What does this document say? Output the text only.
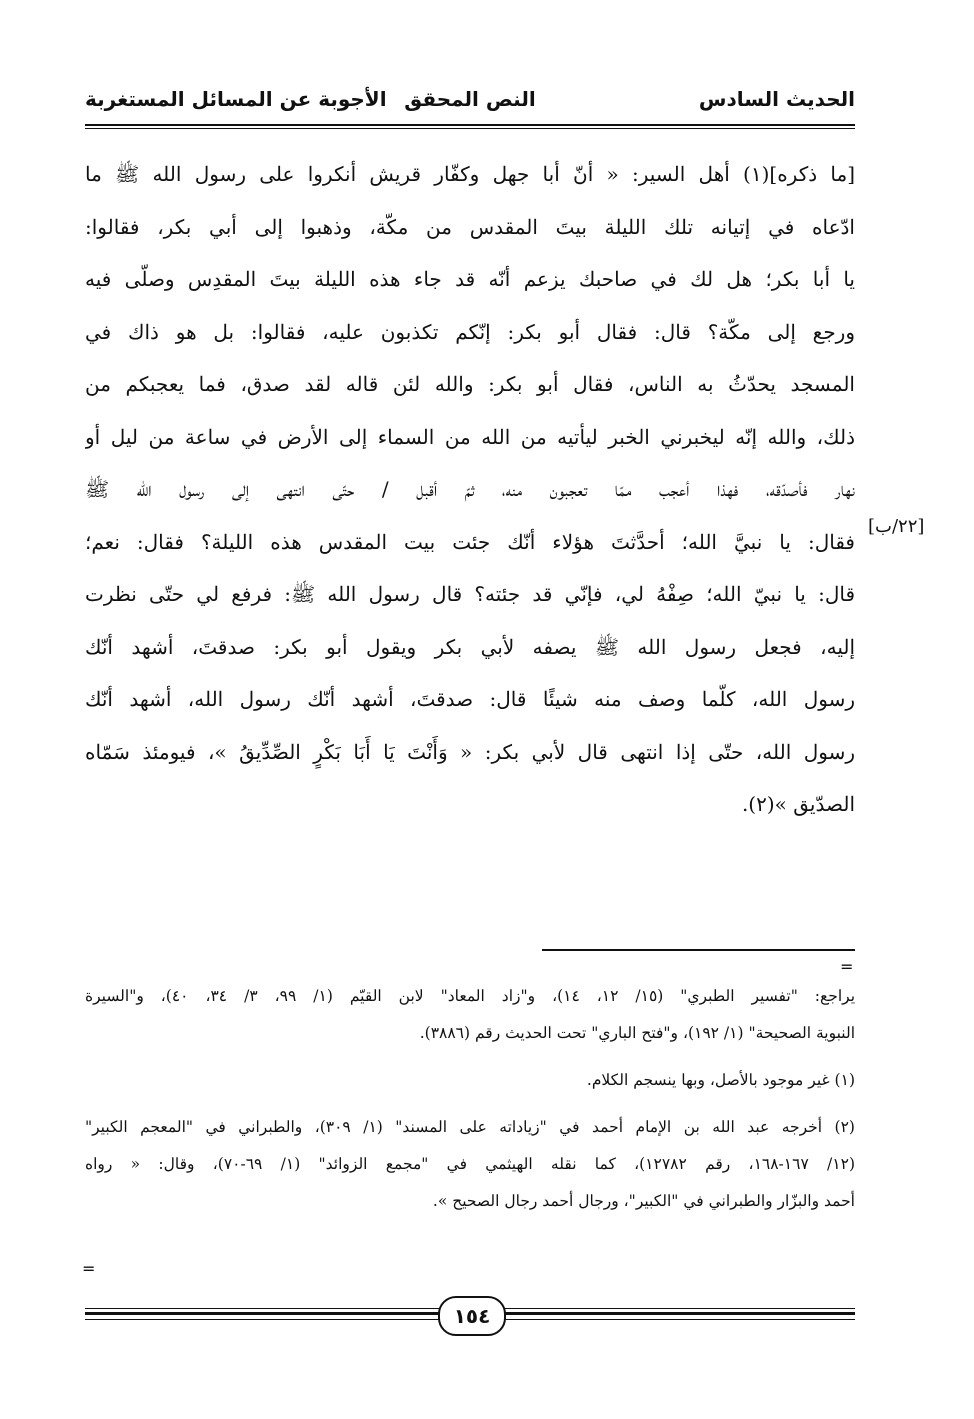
الحديث السادس
النص المحقق
الأجوبة عن المسائل المستغربة
[ما ذكره](١) أهل السير: « أنّ أبا جهل وكفّار قريش أنكروا على رسول الله ﷺ ما
ادّعاه في إتيانه تلك الليلة بيتَ المقدس من مكّة، وذهبوا إلى أبي بكر، فقالوا:
يا أبا بكر؛ هل لك في صاحبك يزعم أنّه قد جاء هذه الليلة بيتَ المقدِس وصلّى فيه
ورجع إلى مكّة؟ قال: فقال أبو بكر: إنّكم تكذبون عليه، فقالوا: بل هو ذاك في
المسجد يحدّثُ به الناس، فقال أبو بكر: والله لئن قاله لقد صدق، فما يعجبكم من
ذلك، والله إنّه ليخبرني الخبر ليأتيه من الله من السماء إلى الأرض في ساعة من ليل أو
نهار فأصدّقه، فهذا أعجب ممّا تعجبون منه، ثمّ أقبل / حتّى انتهى إلى رسول الله ﷺ
فقال: يا نبيَّ الله؛ أحدَّثتَ هؤلاء أنّك جئت بيت المقدس هذه الليلة؟ فقال: نعم؛
قال: يا نبيّ الله؛ صِفْهُ لي، فإنّي قد جئته؟ قال رسول الله ﷺ: فرفع لي حتّى نظرت
إليه، فجعل رسول الله ﷺ يصفه لأبي بكر ويقول أبو بكر: صدقتَ، أشهد أنّك
رسول الله، كلّما وصف منه شيئًا قال: صدقتَ، أشهد أنّك رسول الله، أشهد أنّك
رسول الله، حتّى إذا انتهى قال لأبي بكر: « وَأَنْتَ يَا أَبَا بَكْرٍ الصِّدِّيقُ »، فيومئذ سَمّاه
الصدّيق »(٢).
[٢٢/ب]
=
يراجع: "تفسير الطبري" (١٥/ ١٢، ١٤)، و"زاد المعاد" لابن القيّم (١/ ٩٩، ٣/ ٣٤، ٤٠)، و"السيرة
النبوية الصحيحة" (١/ ١٩٢)، و"فتح الباري" تحت الحديث رقم (٣٨٨٦).
(١) غير موجود بالأصل، وبها ينسجم الكلام.
(٢) أخرجه عبد الله بن الإمام أحمد في "زياداته على المسند" (١/ ٣٠٩)، والطبراني في "المعجم الكبير"
(١٢/ ١٦٧-١٦٨، رقم ١٢٧٨٢)، كما نقله الهيثمي في "مجمع الزوائد" (١/ ٦٩-٧٠)، وقال: « رواه
أحمد والبزّار والطبراني في "الكبير"، ورجال أحمد رجال الصحيح ».
=
١٥٤
